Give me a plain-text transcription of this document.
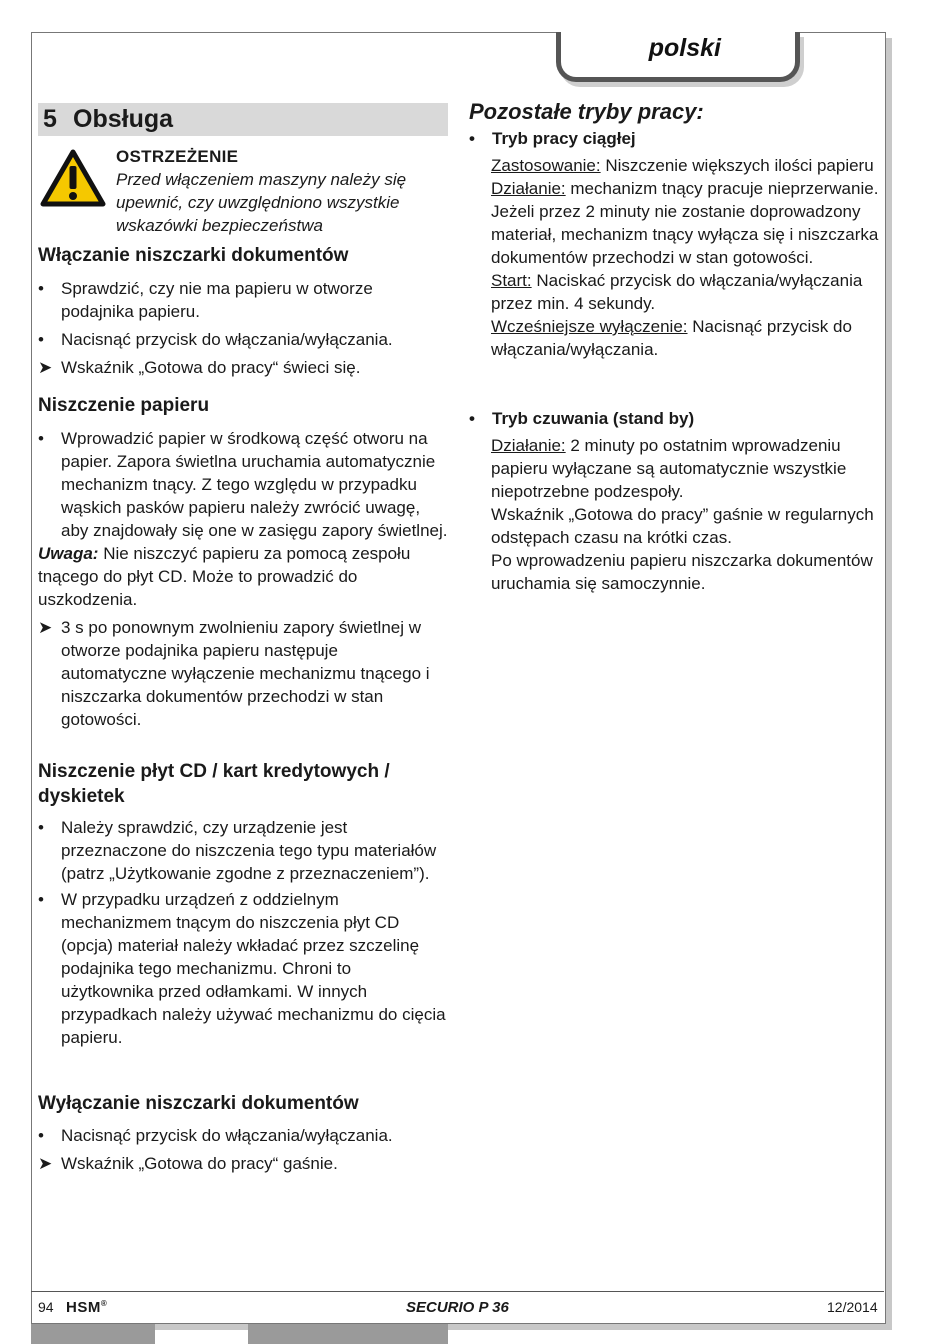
polski
5 Obsługa
OSTRZEŻENIE
Przed włączeniem maszyny należy się upewnić, czy uwzględniono wszystkie wskazówki bezpieczeństwa
Włączanie niszczarki dokumentów
• Sprawdzić, czy nie ma papieru w otworze podajnika papieru.
• Nacisnąć przycisk do włączania/wyłączania.
➤ Wskaźnik „Gotowa do pracy“ świeci się.
Niszczenie papieru
• Wprowadzić papier w środkową część otworu na papier. Zapora świetlna uruchamia automatycznie mechanizm tnący. Z tego względu w przypadku wąskich pasków papieru należy zwrócić uwagę, aby znajdowały się one w zasięgu zapory świetlnej.
Uwaga: Nie niszczyć papieru za pomocą zespołu tnącego do płyt CD. Może to prowadzić do uszkodzenia.
➤ 3 s po ponownym zwolnieniu zapory świetlnej w otworze podajnika papieru następuje automatyczne wyłączenie mechanizmu tnącego i niszczarka dokumentów przechodzi w stan gotowości.
Niszczenie płyt CD / kart kredytowych / dyskietek
• Należy sprawdzić, czy urządzenie jest przeznaczone do niszczenia tego typu materiałów (patrz „Użytkowanie zgodne z przeznaczeniem”).
• W przypadku urządzeń z oddzielnym mechanizmem tnącym do niszczenia płyt CD (opcja) materiał należy wkładać przez szczelinę podajnika tego mechanizmu. Chroni to użytkownika przed odłamkami. W innych przypadkach należy używać mechanizmu do cięcia papieru.
Wyłączanie niszczarki dokumentów
• Nacisnąć przycisk do włączania/wyłączania.
➤ Wskaźnik „Gotowa do pracy“ gaśnie.
Pozostałe tryby pracy:
• Tryb pracy ciągłej
Zastosowanie: Niszczenie większych ilości papieru
Działanie: mechanizm tnący pracuje nieprzerwanie. Jeżeli przez 2 minuty nie zostanie doprowadzony materiał, mechanizm tnący wyłącza się i niszczarka dokumentów przechodzi w stan gotowości.
Start: Naciskać przycisk do włączania/wyłączania przez min. 4 sekundy.
Wcześniejsze wyłączenie: Nacisnąć przycisk do włączania/wyłączania.
• Tryb czuwania (stand by)
Działanie: 2 minuty po ostatnim wprowadzeniu papieru wyłączane są automatycznie wszystkie niepotrzebne podzespoły.
Wskaźnik „Gotowa do pracy” gaśnie w regularnych odstępach czasu na krótki czas.
Po wprowadzeniu papieru niszczarka dokumentów uruchamia się samoczynnie.
94 HSM®	SECURIO P 36	12/2014
